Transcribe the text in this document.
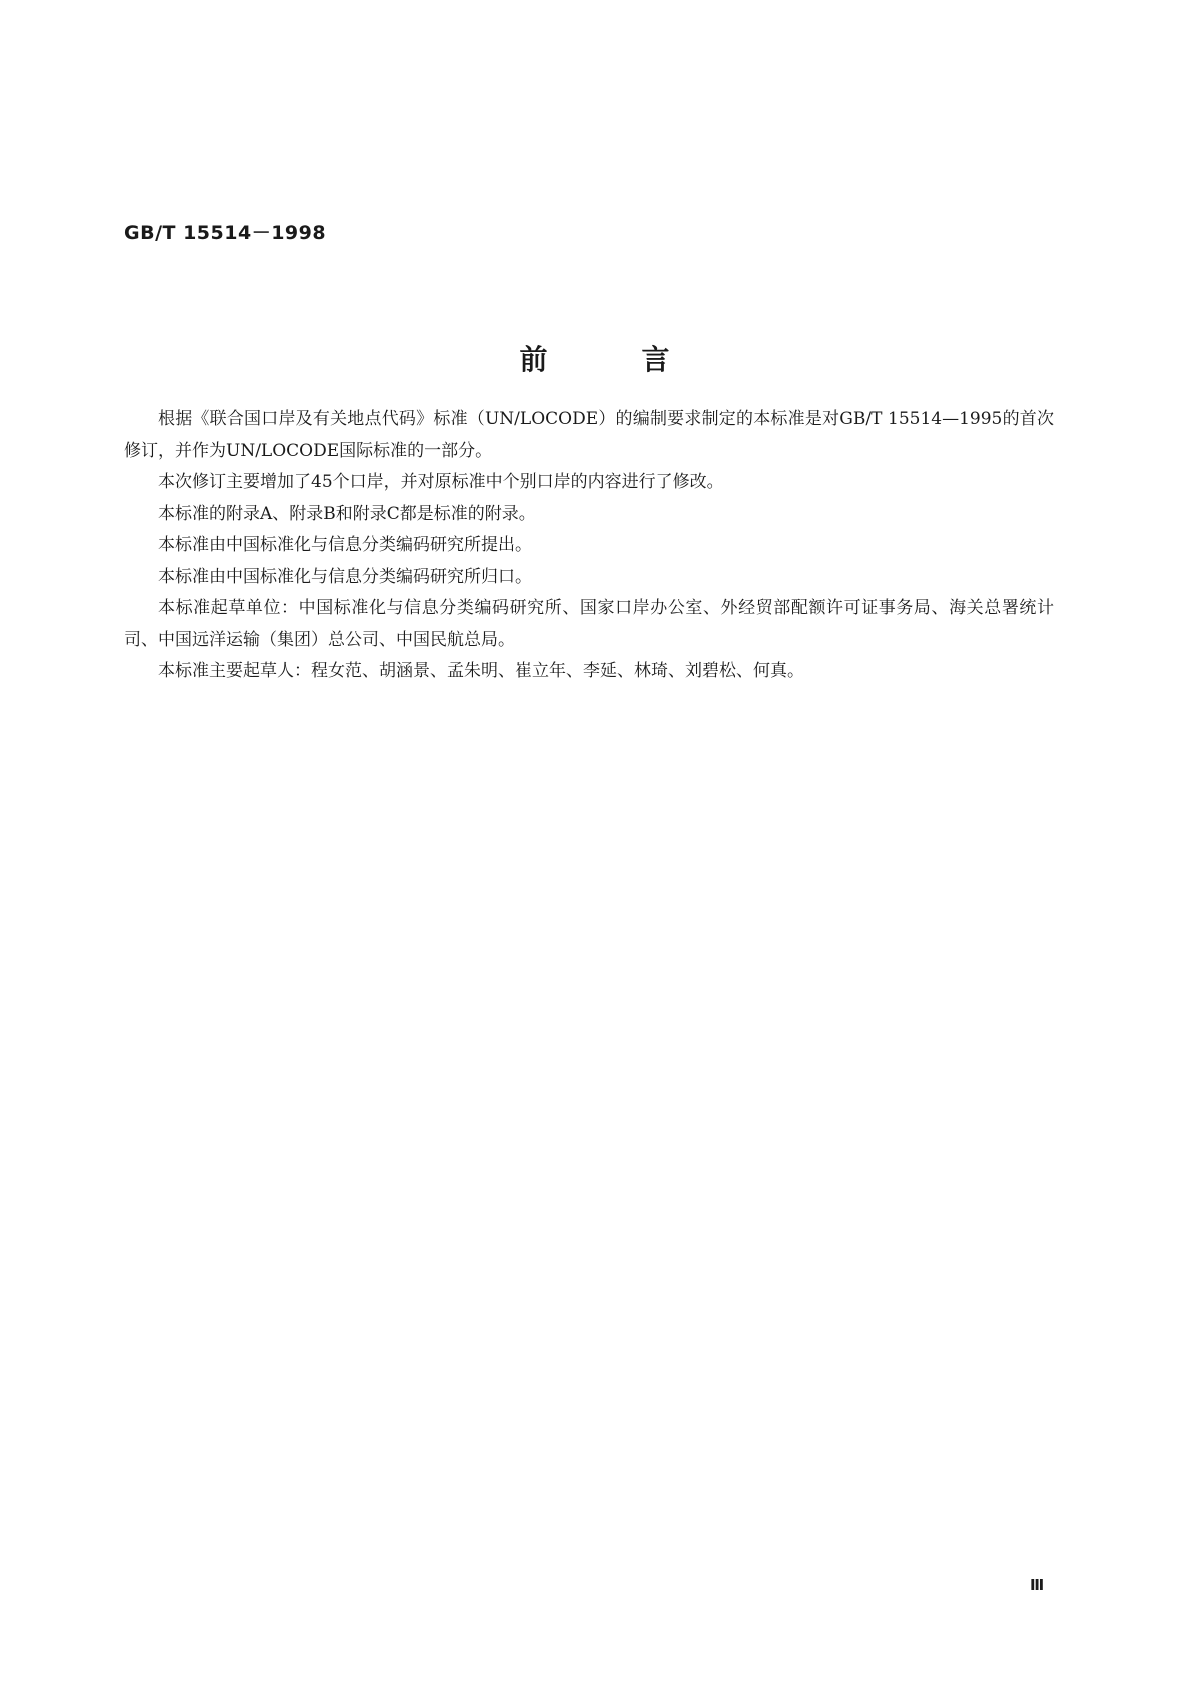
GB/T 15514－1998
前	言

根据《联合国口岸及有关地点代码》标准（UN/LOCODE）的编制要求制定的本标准是对GB/T 15514—1995的首次修订，并作为UN/LOCODE国际标准的一部分。

本次修订主要增加了45个口岸，并对原标准中个别口岸的内容进行了修改。

本标准的附录A、附录B和附录C都是标准的附录。

本标准由中国标准化与信息分类编码研究所提出。

本标准由中国标准化与信息分类编码研究所归口。

本标准起草单位：中国标准化与信息分类编码研究所、国家口岸办公室、外经贸部配额许可证事务局、海关总署统计司、中国远洋运输（集团）总公司、中国民航总局。

本标准主要起草人：程女范、胡涵景、孟朱明、崔立年、李延、林琦、刘碧松、何真。

Ⅲ
